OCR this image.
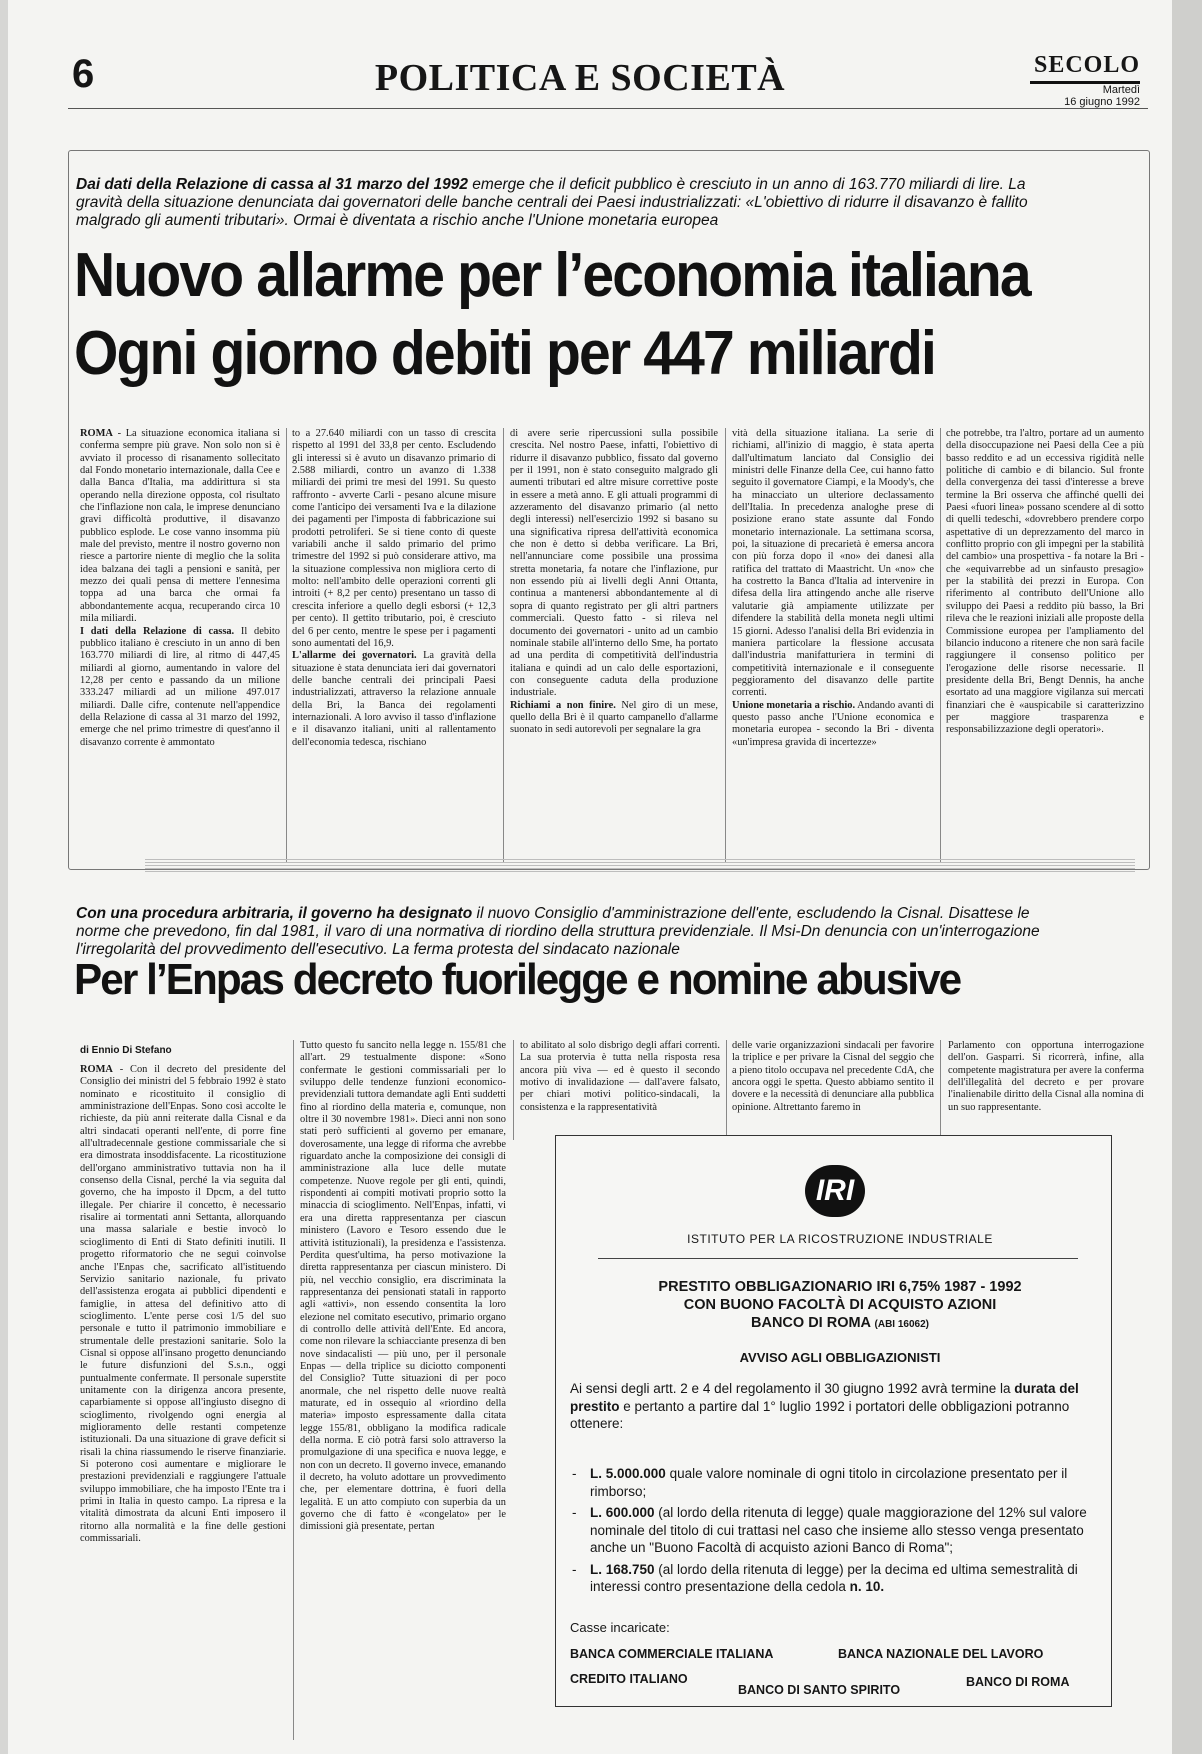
6	POLITICA E SOCIETÀ	SECOLO
Martedì
16 giugno 1992

Dai dati della Relazione di cassa al 31 marzo del 1992 emerge che il deficit pubblico è cresciuto in un anno di 163.770 miliardi di lire. La gravità della situazione denunciata dai governatori delle banche centrali dei Paesi industrializzati: «L'obiettivo di ridurre il disavanzo è fallito malgrado gli aumenti tributari». Ormai è diventata a rischio anche l'Unione monetaria europea

Nuovo allarme per l’economia italiana
Ogni giorno debiti per 447 miliardi

ROMA - La situazione economica italiana si conferma sempre più grave. Non solo non si è avviato il processo di risanamento sollecitato dal Fondo monetario internazionale, dalla Cee e dalla Banca d'Italia, ma addirittura si sta operando nella direzione opposta, col risultato che l'inflazione non cala, le imprese denunciano gravi difficoltà produttive, il disavanzo pubblico esplode. Le cose vanno insomma più male del previsto, mentre il nostro governo non riesce a partorire niente di meglio che la solita idea balzana dei tagli a pensioni e sanità, per mezzo dei quali pensa di mettere l'ennesima toppa ad una barca che ormai fa abbondantemente acqua, recuperando circa 10 mila miliardi.
I dati della Relazione di cassa. Il debito pubblico italiano è cresciuto in un anno di ben 163.770 miliardi di lire, al ritmo di 447,45 miliardi al giorno, aumentando in valore del 12,28 per cento e passando da un milione 333.247 miliardi ad un milione 497.017 miliardi. Dalle cifre, contenute nell'appendice della Relazione di cassa al 31 marzo del 1992, emerge che nel primo trimestre di quest'anno il disavanzo corrente è ammontato

to a 27.640 miliardi con un tasso di crescita rispetto al 1991 del 33,8 per cento. Escludendo gli interessi si è avuto un disavanzo primario di 2.588 miliardi, contro un avanzo di 1.338 miliardi dei primi tre mesi del 1991. Su questo raffronto - avverte Carli - pesano alcune misure come l'anticipo dei versamenti Iva e la dilazione dei pagamenti per l'imposta di fabbricazione sui prodotti petroliferi. Se si tiene conto di queste variabili anche il saldo primario del primo trimestre del 1992 si può considerare attivo, ma la situazione complessiva non migliora certo di molto: nell'ambito delle operazioni correnti gli introiti (+ 8,2 per cento) presentano un tasso di crescita inferiore a quello degli esborsi (+ 12,3 per cento). Il gettito tributario, poi, è cresciuto del 6 per cento, mentre le spese per i pagamenti sono aumentati del 16,9.
L'allarme dei governatori. La gravità della situazione è stata denunciata ieri dai governatori delle banche centrali dei principali Paesi industrializzati, attraverso la relazione annuale della Bri, la Banca dei regolamenti internazionali. A loro avviso il tasso d'inflazione e il disavanzo italiani, uniti al rallentamento dell'economia tedesca, rischiano

di avere serie ripercussioni sulla possibile crescita. Nel nostro Paese, infatti, l'obiettivo di ridurre il disavanzo pubblico, fissato dal governo per il 1991, non è stato conseguito malgrado gli aumenti tributari ed altre misure correttive poste in essere a metà anno. E gli attuali programmi di azzeramento del disavanzo primario (al netto degli interessi) nell'esercizio 1992 si basano su una significativa ripresa dell'attività economica che non è detto si debba verificare. La Bri, nell'annunciare come possibile una prossima stretta monetaria, fa notare che l'inflazione, pur non essendo più ai livelli degli Anni Ottanta, continua a mantenersi abbondantemente al di sopra di quanto registrato per gli altri partners commerciali. Questo fatto - si rileva nel documento dei governatori - unito ad un cambio nominale stabile all'interno dello Sme, ha portato ad una perdita di competitività dell'industria italiana e quindi ad un calo delle esportazioni, con conseguente caduta della produzione industriale.
Richiami a non finire. Nel giro di un mese, quello della Bri è il quarto campanello d'allarme suonato in sedi autorevoli per segnalare la gra

vità della situazione italiana. La serie di richiami, all'inizio di maggio, è stata aperta dall'ultimatum lanciato dal Consiglio dei ministri delle Finanze della Cee, cui hanno fatto seguito il governatore Ciampi, e la Moody's, che ha minacciato un ulteriore declassamento dell'Italia. In precedenza analoghe prese di posizione erano state assunte dal Fondo monetario internazionale. La settimana scorsa, poi, la situazione di precarietà è emersa ancora con più forza dopo il «no» dei danesi alla ratifica del trattato di Maastricht. Un «no» che ha costretto la Banca d'Italia ad intervenire in difesa della lira attingendo anche alle riserve valutarie già ampiamente utilizzate per difendere la stabilità della moneta negli ultimi 15 giorni. Adesso l'analisi della Bri evidenzia in maniera particolare la flessione accusata dall'industria manifatturiera in termini di competitività internazionale e il conseguente peggioramento del disavanzo delle partite correnti.
Unione monetaria a rischio. Andando avanti di questo passo anche l'Unione economica e monetaria europea - secondo la Bri - diventa «un'impresa gravida di incertezze»

che potrebbe, tra l'altro, portare ad un aumento della disoccupazione nei Paesi della Cee a più basso reddito e ad un eccessiva rigidità nelle politiche di cambio e di bilancio. Sul fronte della convergenza dei tassi d'interesse a breve termine la Bri osserva che affinché quelli dei Paesi «fuori linea» possano scendere al di sotto di quelli tedeschi, «dovrebbero prendere corpo aspettative di un deprezzamento del marco in conflitto proprio con gli impegni per la stabilità del cambio» una prospettiva - fa notare la Bri - che «equivarrebbe ad un sinfausto presagio» per la stabilità dei prezzi in Europa. Con riferimento al contributo dell'Unione allo sviluppo dei Paesi a reddito più basso, la Bri rileva che le reazioni iniziali alle proposte della Commissione europea per l'ampliamento del bilancio inducono a ritenere che non sarà facile raggiungere il consenso politico per l'erogazione delle risorse necessarie. Il presidente della Bri, Bengt Dennis, ha anche esortato ad una maggiore vigilanza sui mercati finanziari che è «auspicabile si caratterizzino per maggiore trasparenza e responsabilizzazione degli operatori».

Con una procedura arbitraria, il governo ha designato il nuovo Consiglio d'amministrazione dell'ente, escludendo la Cisnal. Disattese le norme che prevedono, fin dal 1981, il varo di una normativa di riordino della struttura previdenziale. Il Msi-Dn denuncia con un'interrogazione l'irregolarità del provvedimento dell'esecutivo. La ferma protesta del sindacato nazionale

Per l’Enpas decreto fuorilegge e nomine abusive
di Ennio Di Stefano

ROMA - Con il decreto del presidente del Consiglio dei ministri del 5 febbraio 1992 è stato nominato e ricostituito il consiglio di amministrazione dell'Enpas. Sono così accolte le richieste, da più anni reiterate dalla Cisnal e da altri sindacati operanti nell'ente, di porre fine all'ultradecennale gestione commissariale che si era dimostrata insoddisfacente. La ricostituzione dell'organo amministrativo tuttavia non ha il consenso della Cisnal, perché la via seguita dal governo, che ha imposto il Dpcm, a del tutto illegale. Per chiarire il concetto, è necessario risalire ai tormentati anni Settanta, allorquando una massa salariale e bestie invocò lo scioglimento di Enti di Stato definiti inutili. Il progetto riformatorio che ne seguì coinvolse anche l'Enpas che, sacrificato all'istituendo Servizio sanitario nazionale, fu privato dell'assistenza erogata ai pubblici dipendenti e famiglie, in attesa del definitivo atto di scioglimento. L'ente perse così 1/5 del suo personale e tutto il patrimonio immobiliare e strumentale delle prestazioni sanitarie. Solo la Cisnal si oppose all'insano progetto denunciando le future disfunzioni del S.s.n., oggi puntualmente confermate. Il personale superstite unitamente con la dirigenza ancora presente, caparbiamente si oppose all'ingiusto disegno di scioglimento, rivolgendo ogni energia al miglioramento delle restanti competenze istituzionali. Da una situazione di grave deficit si risalì la china riassumendo le riserve finanziarie. Si poterono così aumentare e migliorare le prestazioni previdenziali e raggiungere l'attuale sviluppo immobiliare, che ha imposto l'Ente tra i primi in Italia in questo campo. La ripresa e la vitalità dimostrata da alcuni Enti imposero il ritorno alla normalità e la fine delle gestioni commissariali.

Tutto questo fu sancito nella legge n. 155/81 che all'art. 29 testualmente dispone: «Sono confermate le gestioni commissariali per lo sviluppo delle tendenze funzioni economico-previdenziali tuttora demandate agli Enti suddetti fino al riordino della materia e, comunque, non oltre il 30 novembre 1981». Dieci anni non sono stati però sufficienti al governo per emanare, doverosamente, una legge di riforma che avrebbe riguardato anche la composizione dei consigli di amministrazione alla luce delle mutate competenze. Nuove regole per gli enti, quindi, rispondenti ai compiti motivati proprio sotto la minaccia di scioglimento. Nell'Enpas, infatti, vi era una diretta rappresentanza per ciascun ministero (Lavoro e Tesoro essendo due le attività istituzionali), la presidenza e l'assistenza. Perdita quest'ultima, ha perso motivazione la diretta rappresentanza per ciascun ministero. Di più, nel vecchio consiglio, era discriminata la rappresentanza dei pensionati statali in rapporto agli «attivi», non essendo consentita la loro elezione nel comitato esecutivo, primario organo di controllo delle attività dell'Ente. Ed ancora, come non rilevare la schiacciante presenza di ben nove sindacalisti — più uno, per il personale Enpas — della triplice su diciotto componenti del Consiglio? Tutte situazioni di per poco anormale, che nel rispetto delle nuove realtà maturate, ed in ossequio al «riordino della materia» imposto espressamente dalla citata legge 155/81, obbligano la modifica radicale della norma. E ciò potrà farsi solo attraverso la promulgazione di una specifica e nuova legge, e non con un decreto. Il governo invece, emanando il decreto, ha voluto adottare un provvedimento che, per elementare dottrina, è fuori della legalità. E un atto compiuto con superbia da un governo che di fatto è «congelato» per le dimissioni già presentate, pertan

to abilitato al solo disbrigo degli affari correnti. La sua protervia è tutta nella risposta resa ancora più viva — ed è questo il secondo motivo di invalidazione — dall'avere falsato, per chiari motivi politico-sindacali, la consistenza e la rappresentatività

delle varie organizzazioni sindacali per favorire la triplice e per privare la Cisnal del seggio che a pieno titolo occupava nel precedente CdA, che ancora oggi le spetta. Questo abbiamo sentito il dovere e la necessità di denunciare alla pubblica opinione. Altrettanto faremo in

Parlamento con opportuna interrogazione dell'on. Gasparri. Si ricorrerà, infine, alla competente magistratura per avere la conferma dell'illegalità del decreto e per provare l'inalienabile diritto della Cisnal alla nomina di un suo rappresentante.

IRI
ISTITUTO PER LA RICOSTRUZIONE INDUSTRIALE

PRESTITO OBBLIGAZIONARIO IRI 6,75% 1987 - 1992

CON BUONO FACOLTÀ DI ACQUISTO AZIONI

BANCO DI ROMA (ABI 16062)

AVVISO AGLI OBBLIGAZIONISTI

Ai sensi degli artt. 2 e 4 del regolamento il 30 giugno 1992 avrà termine la durata del prestito e pertanto a partire dal 1° luglio 1992 i portatori delle obbligazioni potranno ottenere:

- L. 5.000.000 quale valore nominale di ogni titolo in circolazione presentato per il rimborso;
- L. 600.000 (al lordo della ritenuta di legge) quale maggiorazione del 12% sul valore nominale del titolo di cui trattasi nel caso che insieme allo stesso venga presentato anche un "Buono Facoltà di acquisto azioni Banco di Roma";
- L. 168.750 (al lordo della ritenuta di legge) per la decima ed ultima semestralità di interessi contro presentazione della cedola n. 10.
Casse incaricate:
BANCA COMMERCIALE ITALIANA	BANCA NAZIONALE DEL LAVORO
CREDITO ITALIANO
BANCO DI SANTO SPIRITO
BANCO DI ROMA
